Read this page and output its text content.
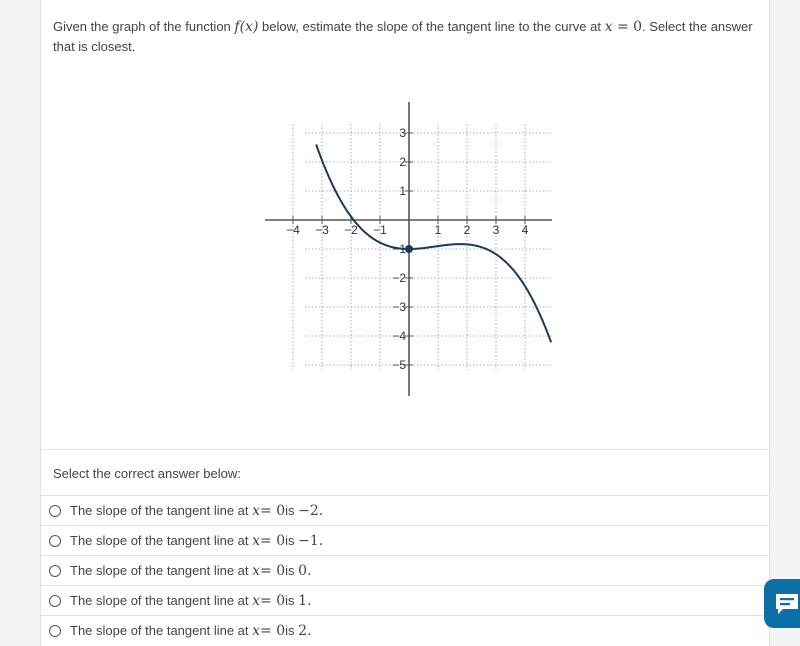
Given the graph of the function f(x) below, estimate the slope of the tangent line to the curve at x = 0. Select the answer that is closest.
−4 −3 −2 −1	1 2 3 4
3
2
1
−1
−2
−3
−4
−5
Select the correct answer below:
The slope of the tangent line at
x = 0 is
−2 .
The slope of the tangent line at
x = 0 is
−1 .
The slope of the tangent line at
x = 0 is
0 .
The slope of the tangent line at
x = 0 is
1 .
The slope of the tangent line at
x = 0 is
2 .
